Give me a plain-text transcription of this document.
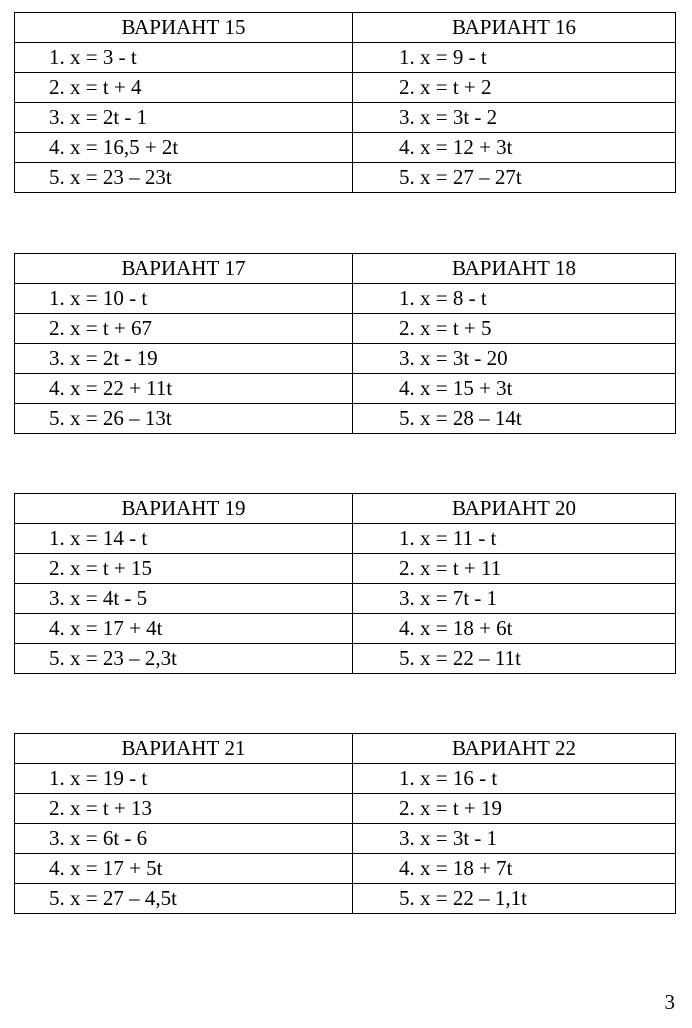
ВАРИАНТ 15	ВАРИАНТ 16
1. x = 3 - t	1. x = 9 - t
2. x = t + 4	2. x = t + 2
3. x = 2t - 1	3. x = 3t - 2
4. x = 16,5 + 2t	4. x = 12 + 3t
5. x = 23 – 23t	5. x = 27 – 27t
ВАРИАНТ 17	ВАРИАНТ 18
1. x = 10 - t	1. x = 8 - t
2. x = t + 67	2. x = t + 5
3. x = 2t - 19	3. x = 3t - 20
4. x = 22 + 11t	4. x = 15 + 3t
5. x = 26 – 13t	5. x = 28 – 14t
ВАРИАНТ 19	ВАРИАНТ 20
1. x = 14 - t	1. x = 11 - t
2. x = t + 15	2. x = t + 11
3. x = 4t - 5	3. x = 7t - 1
4. x = 17 + 4t	4. x = 18 + 6t
5. x = 23 – 2,3t	5. x = 22 – 11t
ВАРИАНТ 21	ВАРИАНТ 22
1. x = 19 - t	1. x = 16 - t
2. x = t + 13	2. x = t + 19
3. x = 6t - 6	3. x = 3t - 1
4. x = 17 + 5t	4. x = 18 + 7t
5. x = 27 – 4,5t	5. x = 22 – 1,1t
3
